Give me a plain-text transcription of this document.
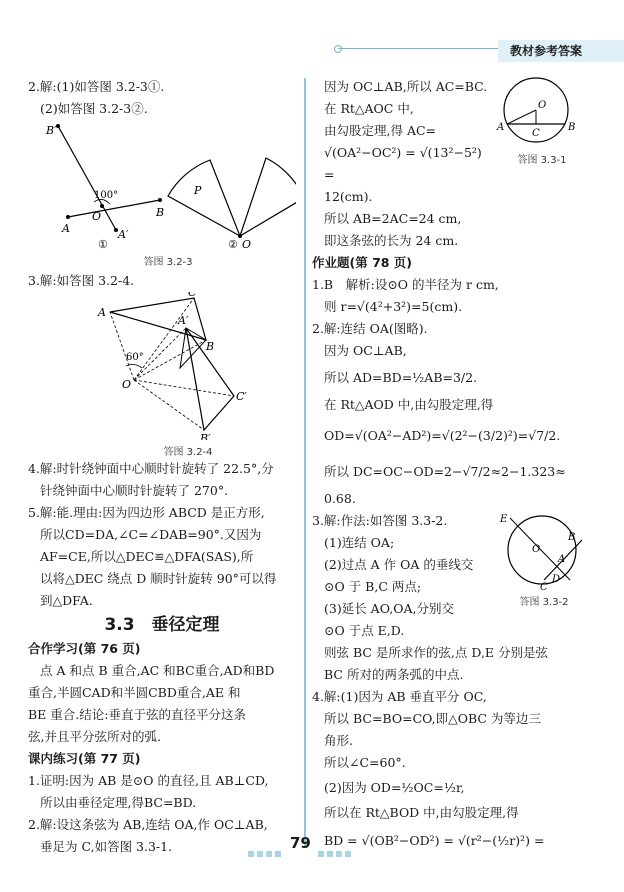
教材参考答案
2.解:(1)如答图 3.2-3①.
(2)如答图 3.2-3②.
B′
A
O	B
A′
100°
①
P
O
②
答图 3.2-3
3.解:如答图 3.2-4.
A
C
A′
B
O
60°
C′
B′
答图 3.2-4
4.解:时针绕钟面中心顺时针旋转了 22.5°,分
针绕钟面中心顺时针旋转了 270°.
5.解:能.理由:因为四边形 ABCD 是正方形,
所以CD=DA,∠C=∠DAB=90°.又因为
AF=CE,所以△DEC≌△DFA(SAS),所
以将△DEC 绕点 D 顺时针旋转 90°可以得
到△DFA.
3.3　垂径定理
合作学习(第 76 页)
点 A 和点 B 重合,AC 和BC重合,AD和BD
重合,半圆CAD和半圆CBD重合,AE 和
BE 重合.结论:垂直于弦的直径平分这条
弦,并且平分弦所对的弧.
课内练习(第 77 页)
1.证明:因为 AB 是⊙O 的直径,且 AB⊥CD,
所以由垂径定理,得BC=BD.
2.解:设这条弦为 AB,连结 OA,作 OC⊥AB,
垂足为 C,如答图 3.3-1.
因为 OC⊥AB,所以 AC=BC.
在 Rt△AOC 中,
由勾股定理,得 AC=
√(OA²−OC²) = √(13²−5²) =
12(cm).
O
A
C
B
答图 3.3-1
所以 AB=2AC=24 cm,
即这条弦的长为 24 cm.
作业题(第 78 页)
1.B　解析:设⊙O 的半径为 r cm,
则 r=√(4²+3²)=5(cm).
2.解:连结 OA(图略).
因为 OC⊥AB,
所以 AD=BD=½AB=3/2.
在 Rt△AOD 中,由勾股定理,得
OD=√(OA²−AD²)=√(2²−(3/2)²)=√7/2.
所以 DC=OC−OD=2−√7/2≈2−1.323≈
0.68.
3.解:作法:如答图 3.3-2.
(1)连结 OA;
(2)过点 A 作 OA 的垂线交
⊙O 于 B,C 两点;
(3)延长 AO,OA,分别交
E
O
B
A
D
C
答图 3.3-2
⊙O 于点 E,D.
则弦 BC 是所求作的弦,点 D,E 分别是弦
BC 所对的两条弧的中点.
4.解:(1)因为 AB 垂直平分 OC,
所以 BC=BO=CO,即△OBC 为等边三
角形.
所以∠C=60°.
(2)因为 OD=½OC=½r,
所以在 Rt△BOD 中,由勾股定理,得
BD = √(OB²−OD²) = √(r²−(½r)²) =
79
